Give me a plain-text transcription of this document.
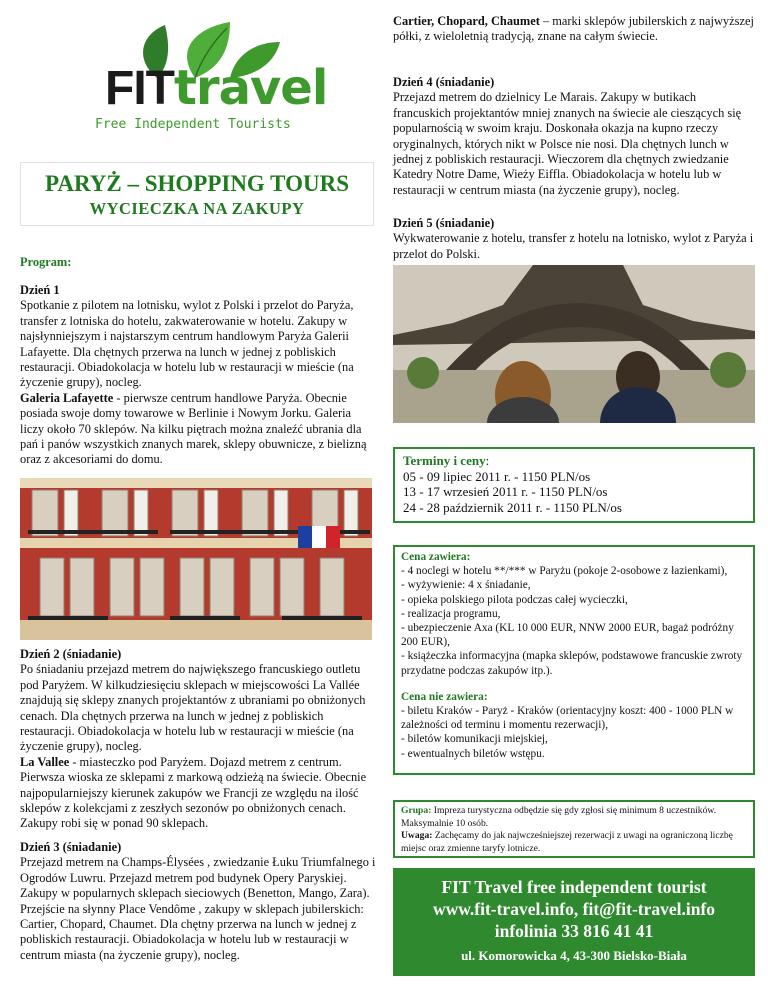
FITtravel
Free Independent Tourists
PARYŻ – SHOPPING TOURS
WYCIECZKA NA ZAKUPY
Program:

Dzień 1

Spotkanie z pilotem na lotnisku, wylot z Polski i przelot do Paryża, transfer z lotniska do hotelu, zakwaterowanie w hotelu. Zakupy w najsłynniejszym i najstarszym centrum handlowym Paryża Galerii Lafayette. Dla chętnych przerwa na lunch w jednej z pobliskich restauracji. Obiadokolacja w hotelu lub w restauracji w mieście (na życzenie grupy), nocleg.

Galeria Lafayette - pierwsze centrum handlowe Paryża. Obecnie posiada swoje domy towarowe w Berlinie i Nowym Jorku. Galeria liczy około 70 sklepów. Na kilku piętrach można znaleźć ubrania dla pań i panów wszystkich znanych marek, sklepy obuwnicze, z bielizną oraz z akcesoriami do domu.

Dzień 2 (śniadanie)

Po śniadaniu przejazd metrem do największego francuskiego outletu pod Paryżem. W kilkudziesięciu sklepach w miejscowości La Vallée znajdują się sklepy znanych projektantów z ubraniami po obniżonych cenach. Dla chętnych przerwa na lunch w jednej z pobliskich restauracji. Obiadokolacja w hotelu lub w restauracji w mieście (na życzenie grupy), nocleg.

La Vallee - miasteczko pod Paryżem. Dojazd metrem z centrum. Pierwsza wioska ze sklepami z markową odzieżą na świecie. Obecnie najpopularniejszy kierunek zakupów we Francji ze względu na ilość sklepów z kolekcjami z zeszłych sezonów po obniżonych cenach. Zakupy robi się w ponad 90 sklepach.

Dzień 3 (śniadanie)

Przejazd metrem na Champs-Élysées , zwiedzanie Łuku Triumfalnego i Ogrodów Luwru. Przejazd metrem pod budynek Opery Paryskiej. Zakupy w popularnych sklepach sieciowych (Benetton, Mango, Zara). Przejście na słynny Place Vendôme , zakupy w sklepach jubilerskich: Cartier, Chopard, Chaumet. Dla chętny przerwa na lunch w jednej z pobliskich restauracji. Obiadokolacja w hotelu lub w restauracji w centrum miasta (na życzenie grupy), nocleg.

Cartier, Chopard, Chaumet – marki sklepów jubilerskich z najwyższej półki, z wieloletnią tradycją, znane na całym świecie.

Dzień 4 (śniadanie)

Przejazd metrem do dzielnicy Le Marais. Zakupy w butikach francuskich projektantów mniej znanych na świecie ale cieszących się popularnością w swoim kraju. Doskonała okazja na kupno rzeczy oryginalnych, których nikt w Polsce nie nosi. Dla chętnych lunch w jednej z pobliskich restauracji. Wieczorem dla chętnych zwiedzanie Katedry Notre Dame, Wieży Eiffla. Obiadokolacja w hotelu lub w restauracji w centrum miasta (na życzenie grupy), nocleg.

Dzień 5 (śniadanie)

Wykwaterowanie z hotelu, transfer z hotelu na lotnisko, wylot z Paryża i przelot do Polski.

Terminy i ceny:

05 - 09 lipiec 2011 r. - 1150 PLN/os

13 - 17 wrzesień 2011 r. - 1150 PLN/os

24 - 28 październik 2011 r. - 1150 PLN/os

Cena zawiera:

- 4 noclegi w hotelu **/*** w Paryżu (pokoje 2-osobowe z łazienkami),

- wyżywienie: 4 x śniadanie,

- opieka polskiego pilota podczas całej wycieczki,

- realizacja programu,

- ubezpieczenie Axa (KL 10 000 EUR, NNW 2000 EUR, bagaż podróżny 200 EUR),

- książeczka informacyjna (mapka sklepów, podstawowe francuskie zwroty przydatne podczas zakupów itp.).

Cena nie zawiera:

- biletu Kraków - Paryż - Kraków (orientacyjny koszt: 400 - 1000 PLN w zależności od terminu i momentu rezerwacji),

- biletów komunikacji miejskiej,

- ewentualnych biletów wstępu.

Grupa: Impreza turystyczna odbędzie się gdy zgłosi się minimum 8 uczestników. Maksymalnie 10 osób.

Uwaga: Zachęcamy do jak najwcześniejszej rezerwacji z uwagi na ograniczoną liczbę miejsc oraz zmienne taryfy lotnicze.

FIT Travel free independent tourist
www.fit-travel.info, fit@fit-travel.info
infolinia 33 816 41 41
ul. Komorowicka 4, 43-300 Bielsko-Biała
